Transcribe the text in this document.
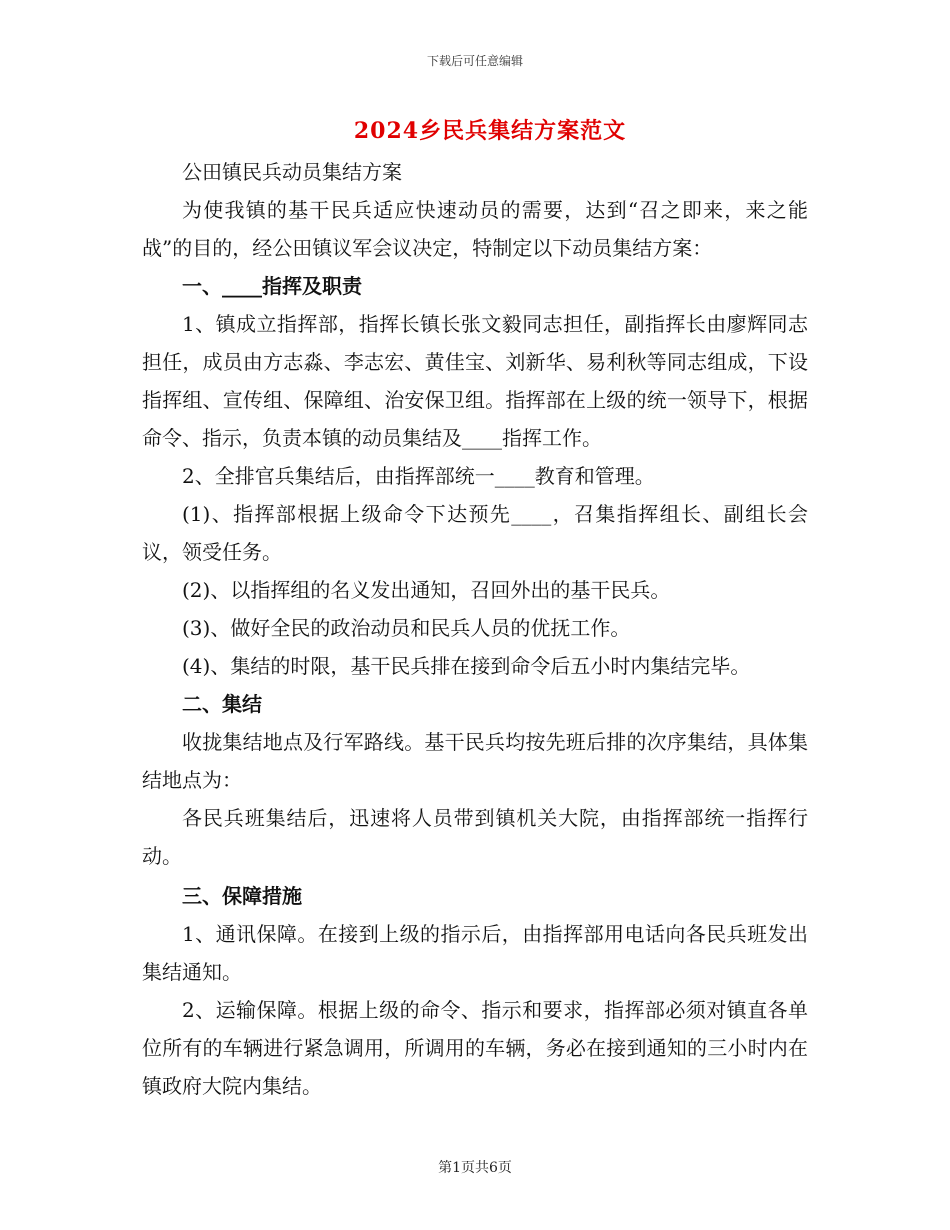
下载后可任意编辑
2024乡民兵集结方案范文

公田镇民兵动员集结方案

为使我镇的基干民兵适应快速动员的需要，达到“召之即来，来之能战”的目的，经公田镇议军会议决定，特制定以下动员集结方案：

一、____指挥及职责

1、镇成立指挥部，指挥长镇长张文毅同志担任，副指挥长由廖辉同志担任，成员由方志淼、李志宏、黄佳宝、刘新华、易利秋等同志组成，下设指挥组、宣传组、保障组、治安保卫组。指挥部在上级的统一领导下，根据命令、指示，负责本镇的动员集结及____指挥工作。

2、全排官兵集结后，由指挥部统一____教育和管理。

(1)、指挥部根据上级命令下达预先____，召集指挥组长、副组长会议，领受任务。

(2)、以指挥组的名义发出通知，召回外出的基干民兵。

(3)、做好全民的政治动员和民兵人员的优抚工作。

(4)、集结的时限，基干民兵排在接到命令后五小时内集结完毕。

二、集结

收拢集结地点及行军路线。基干民兵均按先班后排的次序集结，具体集结地点为：

各民兵班集结后，迅速将人员带到镇机关大院，由指挥部统一指挥行动。

三、保障措施

1、通讯保障。在接到上级的指示后，由指挥部用电话向各民兵班发出集结通知。

2、运输保障。根据上级的命令、指示和要求，指挥部必须对镇直各单位所有的车辆进行紧急调用，所调用的车辆，务必在接到通知的三小时内在镇政府大院内集结。

第1页共6页
